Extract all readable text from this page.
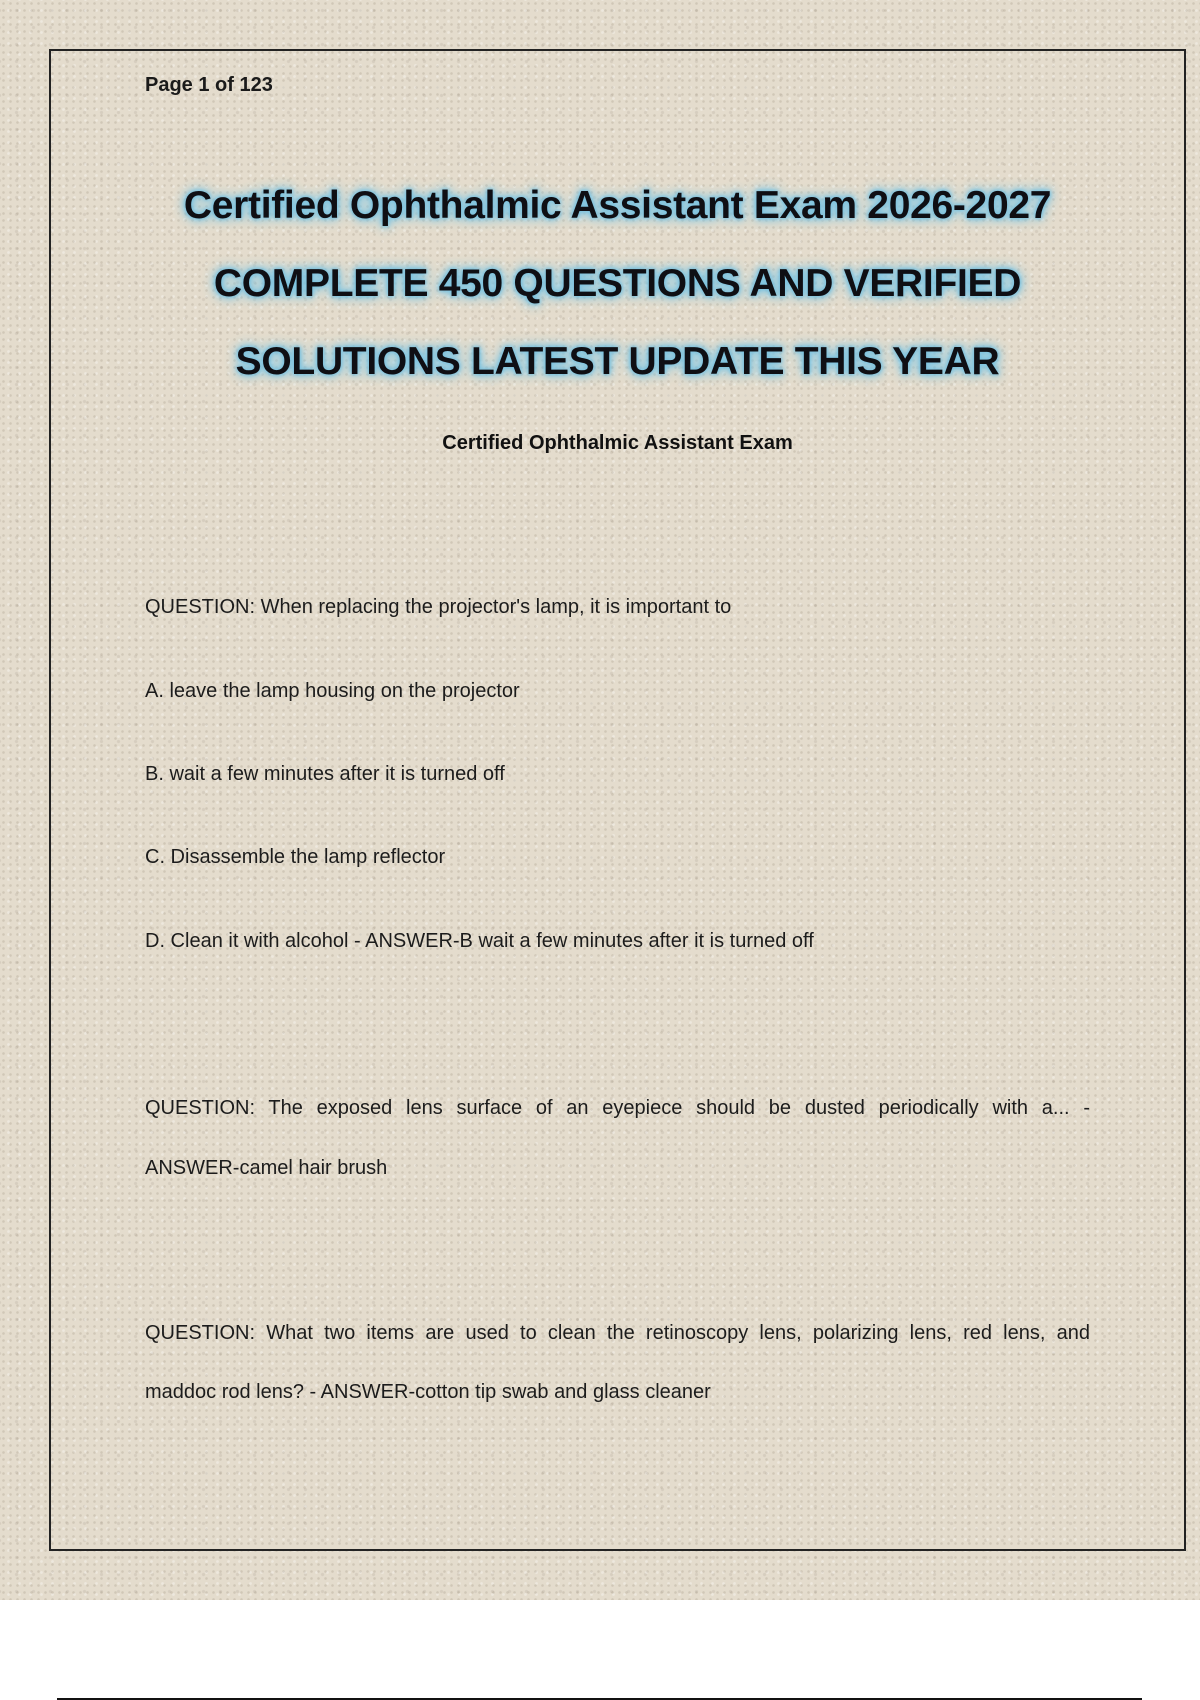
Page 1 of 123
Certified Ophthalmic Assistant Exam 2026-2027
COMPLETE 450 QUESTIONS AND VERIFIED
SOLUTIONS LATEST UPDATE THIS YEAR
Certified Ophthalmic Assistant Exam
QUESTION: When replacing the projector's lamp, it is important to
A. leave the lamp housing on the projector
B. wait a few minutes after it is turned off
C. Disassemble the lamp reflector
D. Clean it with alcohol - ANSWER-B wait a few minutes after it is turned off
QUESTION: The exposed lens surface of an eyepiece should be dusted periodically with a... -
ANSWER-camel hair brush
QUESTION: What two items are used to clean the retinoscopy lens, polarizing lens, red lens, and
maddoc rod lens? - ANSWER-cotton tip swab and glass cleaner
